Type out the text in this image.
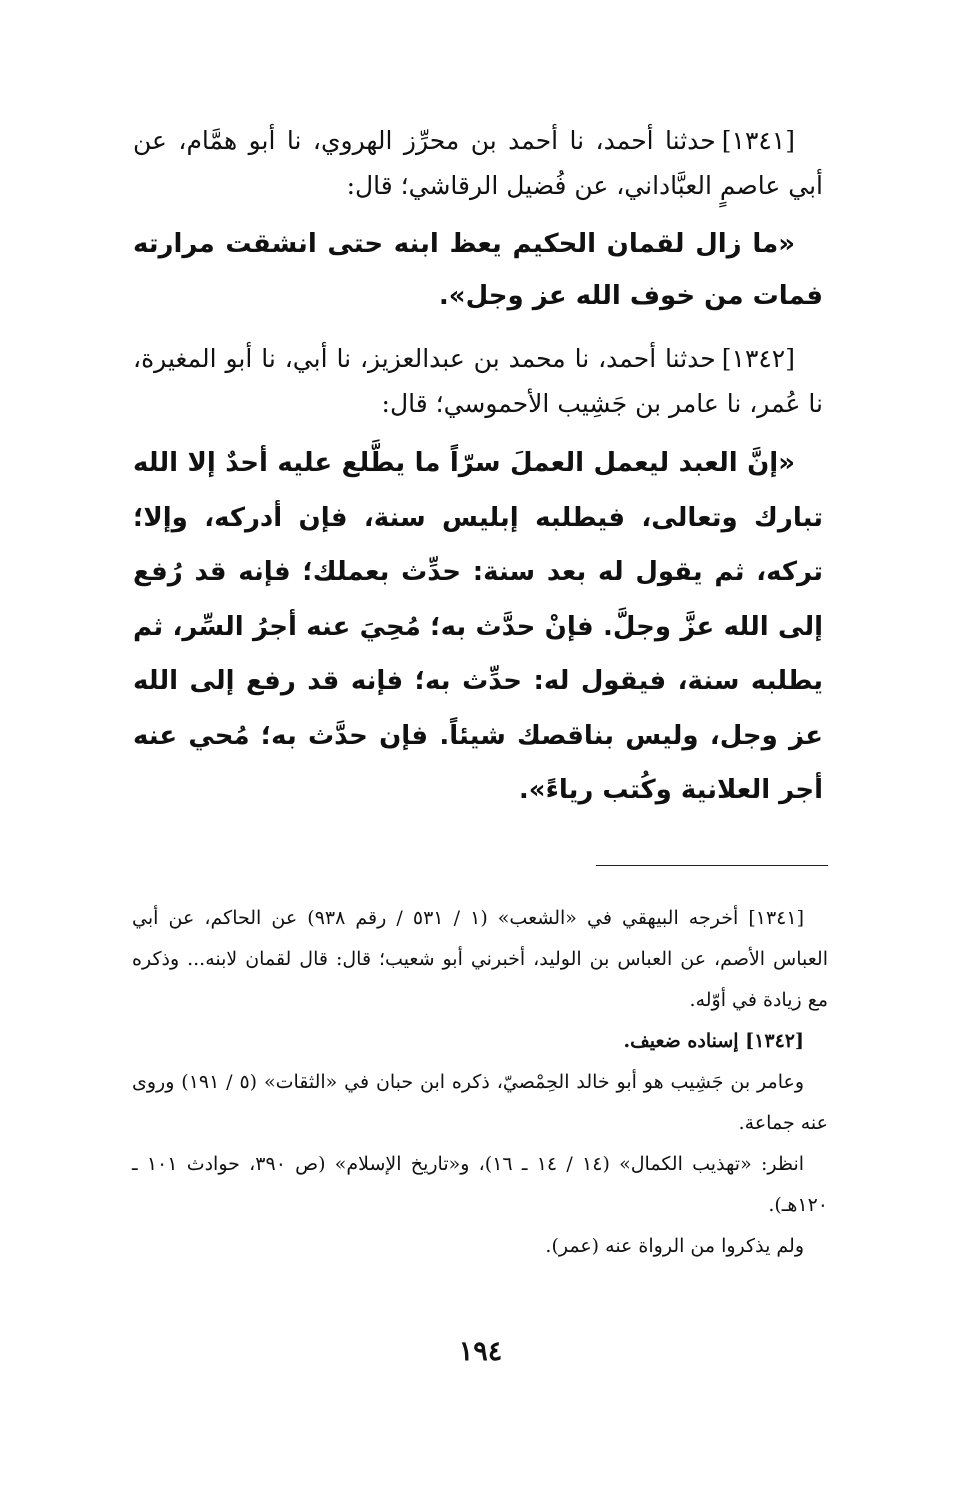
[١٣٤١]حدثنا أحمد، نا أحمد بن محرِّز الهروي، نا أبو همَّام، عن أبي عاصمٍ العبَّاداني، عن فُضيل الرقاشي؛ قال:

«ما زال لقمان الحكيم يعظ ابنه حتى انشقت مرارته فمات من خوف الله عز وجل».

[١٣٤٢]حدثنا أحمد، نا محمد بن عبدالعزيز، نا أبي، نا أبو المغيرة، نا عُمر، نا عامر بن جَشِيب الأحموسي؛ قال:

«إنَّ العبد ليعمل العملَ سرّاً ما يطَّلع عليه أحدٌ إلا الله تبارك وتعالى، فيطلبه إبليس سنة، فإن أدركه، وإلا؛ تركه، ثم يقول له بعد سنة: حدِّث بعملك؛ فإنه قد رُفع إلى الله عزَّ وجلَّ. فإنْ حدَّث به؛ مُحِيَ عنه أجرُ السِّر، ثم يطلبه سنة، فيقول له: حدِّث به؛ فإنه قد رفع إلى الله عز وجل، وليس بناقصك شيئاً. فإن حدَّث به؛ مُحي عنه أجر العلانية وكُتب رياءً».

[١٣٤١] أخرجه البيهقي في «الشعب» (١ / ٥٣١ / رقم ٩٣٨) عن الحاكم، عن أبي العباس الأصم، عن العباس بن الوليد، أخبرني أبو شعيب؛ قال: قال لقمان لابنه... وذكره مع زيادة في أوّله.

[١٣٤٢] إسناده ضعيف.

وعامر بن جَشِيب هو أبو خالد الحِمْصيّ، ذكره ابن حبان في «الثقات» (٥ / ١٩١) وروى عنه جماعة.

انظر: «تهذيب الكمال» (١٤ / ١٤ ـ ١٦)، و«تاريخ الإسلام» (ص ٣٩٠، حوادث ١٠١ ـ ١٢٠هـ).

ولم يذكروا من الرواة عنه (عمر).

١٩٤
